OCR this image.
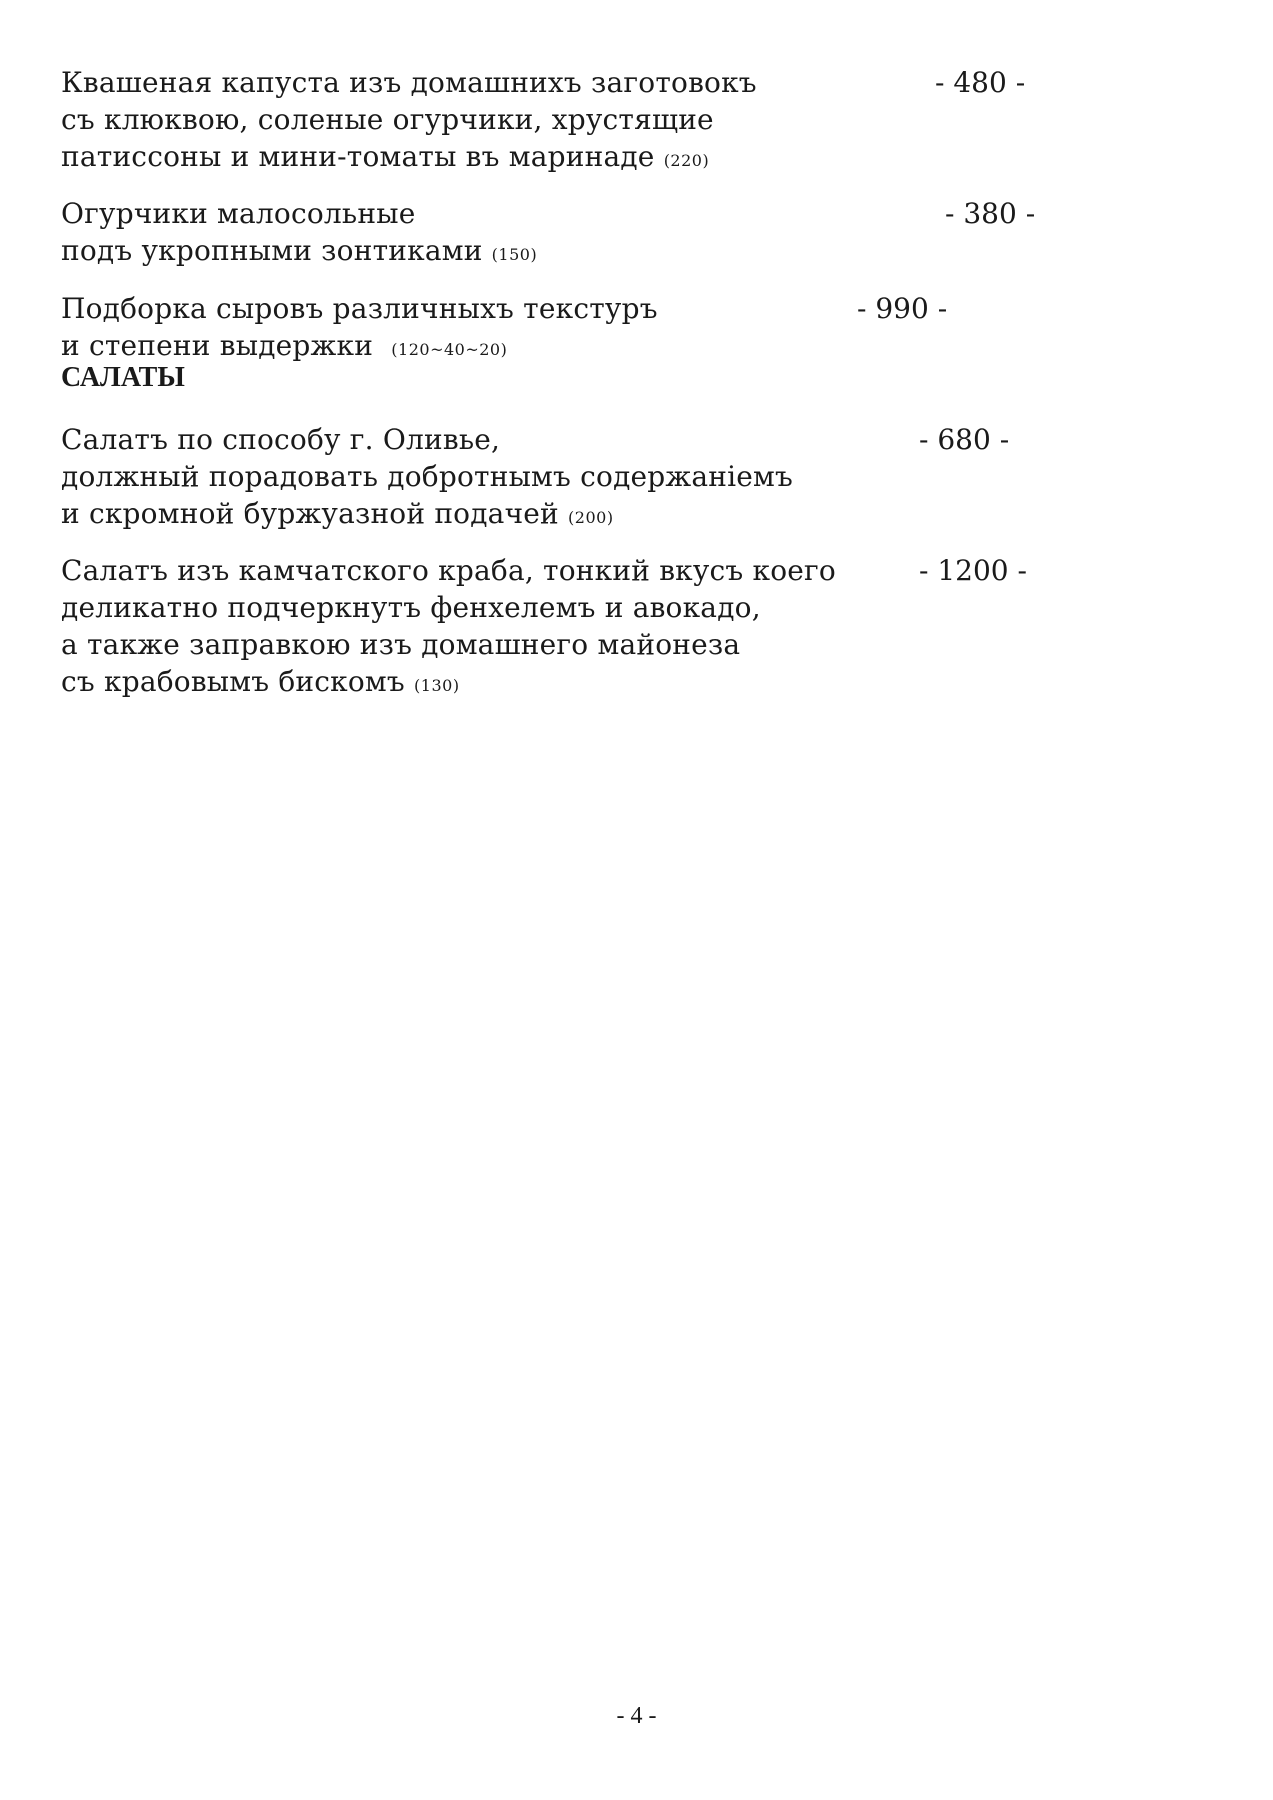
Квашеная капуста изъ домашнихъ заготовокъ
съ клюквою, соленые огурчики, хрустящие
патиссоны и мини-томаты въ маринаде (220)
- 480 -
Огурчики малосольные
подъ укропными зонтиками (150)
- 380 -
Подборка сыровъ различныхъ текстуръ
и степени выдержки (120~40~20)
- 990 -
САЛАТЫ
Салатъ по способу г. Оливье,
должный порадовать добротнымъ содержаніемъ
и скромной буржуазной подачей (200)
- 680 -
Салатъ изъ камчатского краба, тонкий вкусъ коего
деликатно подчеркнутъ фенхелемъ и авокадо,
а также заправкою изъ домашнего майонеза
съ крабовымъ бискомъ (130)
- 1200 -
- 4 -
